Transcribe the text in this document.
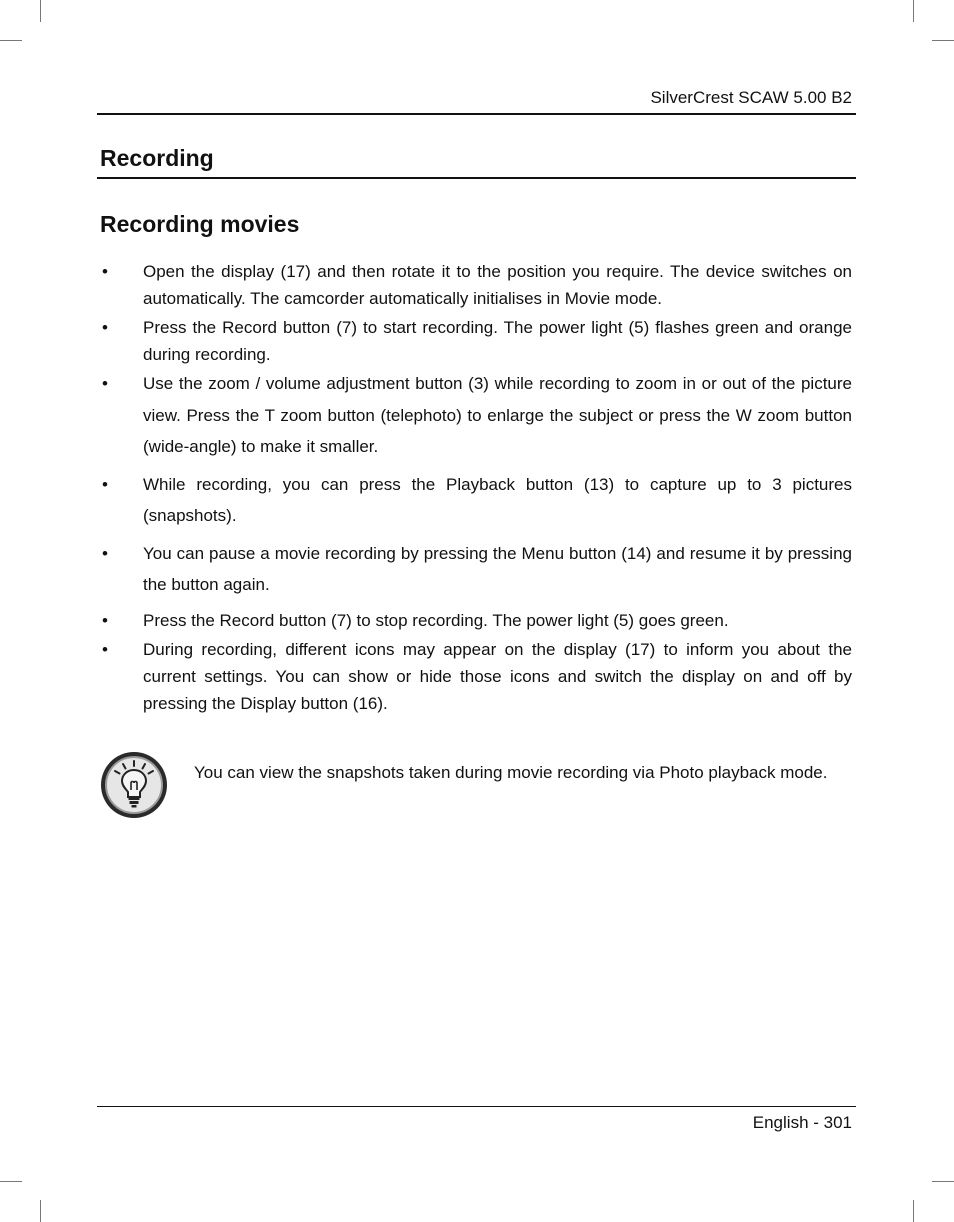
SilverCrest SCAW 5.00 B2
Recording
Recording movies
• Open the display (17) and then rotate it to the position you require. The device switches on automatically. The camcorder automatically initialises in Movie mode.
• Press the Record button (7) to start recording. The power light (5) flashes green and orange during recording.
• Use the zoom / volume adjustment button (3) while recording to zoom in or out of the picture view. Press the T zoom button (telephoto) to enlarge the subject or press the W zoom button (wide-angle) to make it smaller.
• While recording, you can press the Playback button (13) to capture up to 3 pictures (snapshots).
• You can pause a movie recording by pressing the Menu button (14) and resume it by pressing the button again.
• Press the Record button (7) to stop recording. The power light (5) goes green.
• During recording, different icons may appear on the display (17) to inform you about the current settings. You can show or hide those icons and switch the display on and off by pressing the Display button (16).
You can view the snapshots taken during movie recording via Photo playback mode.
English - 301
